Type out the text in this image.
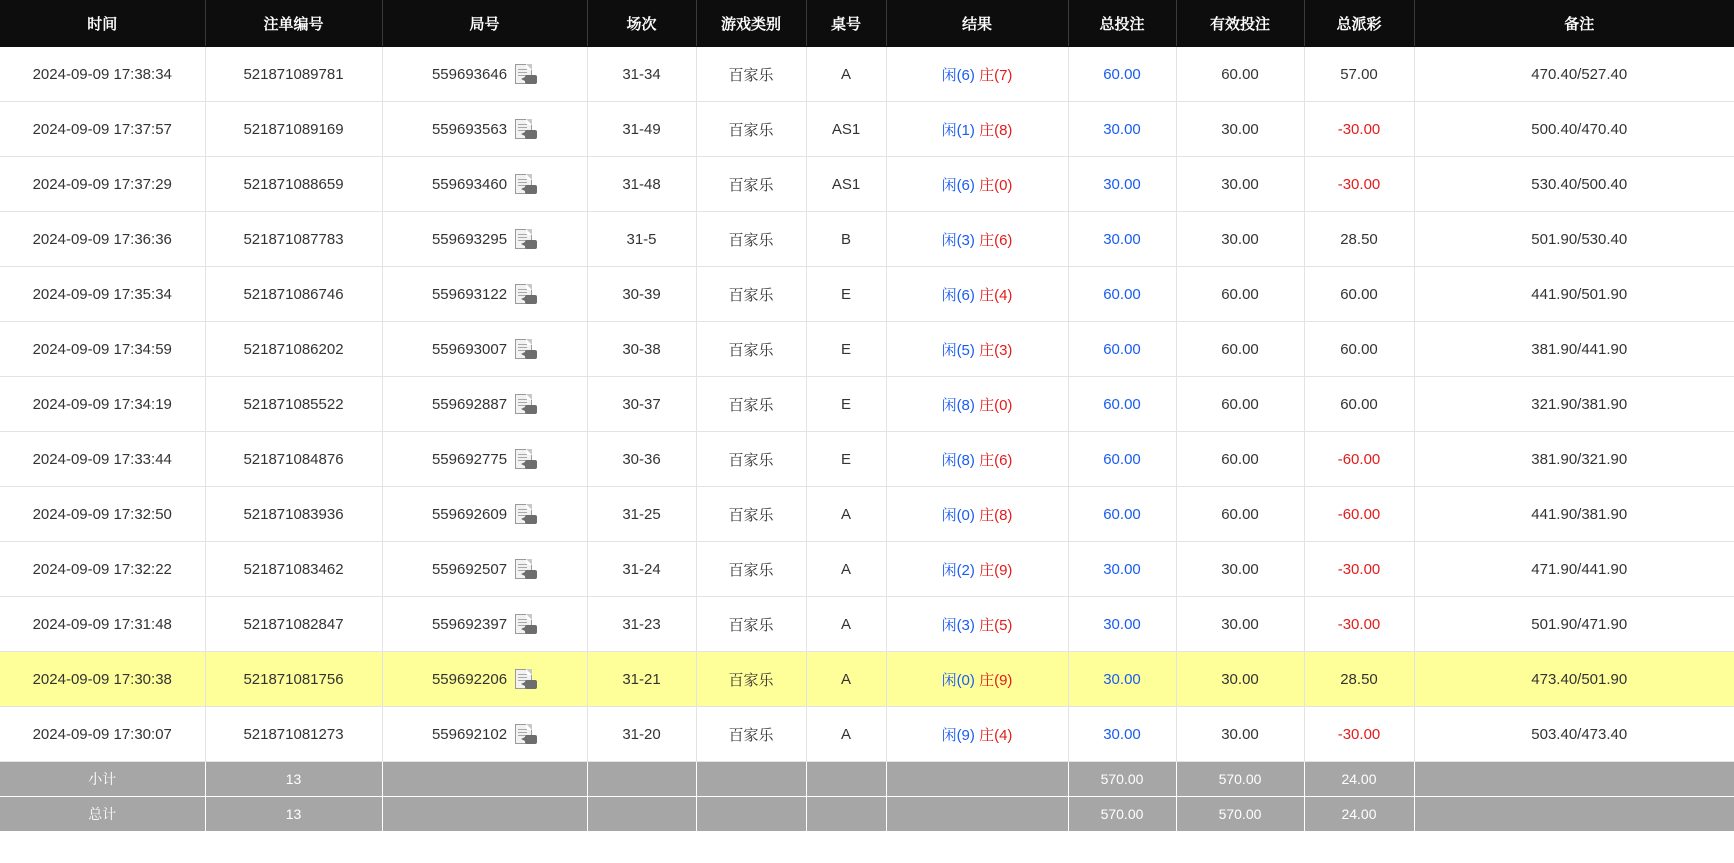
时间	注单编号	局号	场次	游戏类别	桌号	结果	总投注	有效投注	总派彩	备注
2024-09-09 17:38:34	521871089781	559693646	31-34	百家乐	A	闲(6) 庄(7)	60.00	60.00	57.00	470.40/527.40
2024-09-09 17:37:57	521871089169	559693563	31-49	百家乐	AS1	闲(1) 庄(8)	30.00	30.00	-30.00	500.40/470.40
2024-09-09 17:37:29	521871088659	559693460	31-48	百家乐	AS1	闲(6) 庄(0)	30.00	30.00	-30.00	530.40/500.40
2024-09-09 17:36:36	521871087783	559693295	31-5	百家乐	B	闲(3) 庄(6)	30.00	30.00	28.50	501.90/530.40
2024-09-09 17:35:34	521871086746	559693122	30-39	百家乐	E	闲(6) 庄(4)	60.00	60.00	60.00	441.90/501.90
2024-09-09 17:34:59	521871086202	559693007	30-38	百家乐	E	闲(5) 庄(3)	60.00	60.00	60.00	381.90/441.90
2024-09-09 17:34:19	521871085522	559692887	30-37	百家乐	E	闲(8) 庄(0)	60.00	60.00	60.00	321.90/381.90
2024-09-09 17:33:44	521871084876	559692775	30-36	百家乐	E	闲(8) 庄(6)	60.00	60.00	-60.00	381.90/321.90
2024-09-09 17:32:50	521871083936	559692609	31-25	百家乐	A	闲(0) 庄(8)	60.00	60.00	-60.00	441.90/381.90
2024-09-09 17:32:22	521871083462	559692507	31-24	百家乐	A	闲(2) 庄(9)	30.00	30.00	-30.00	471.90/441.90
2024-09-09 17:31:48	521871082847	559692397	31-23	百家乐	A	闲(3) 庄(5)	30.00	30.00	-30.00	501.90/471.90
2024-09-09 17:30:38	521871081756	559692206	31-21	百家乐	A	闲(0) 庄(9)	30.00	30.00	28.50	473.40/501.90
2024-09-09 17:30:07	521871081273	559692102	31-20	百家乐	A	闲(9) 庄(4)	30.00	30.00	-30.00	503.40/473.40
小计	13						570.00	570.00	24.00	
总计	13						570.00	570.00	24.00	
